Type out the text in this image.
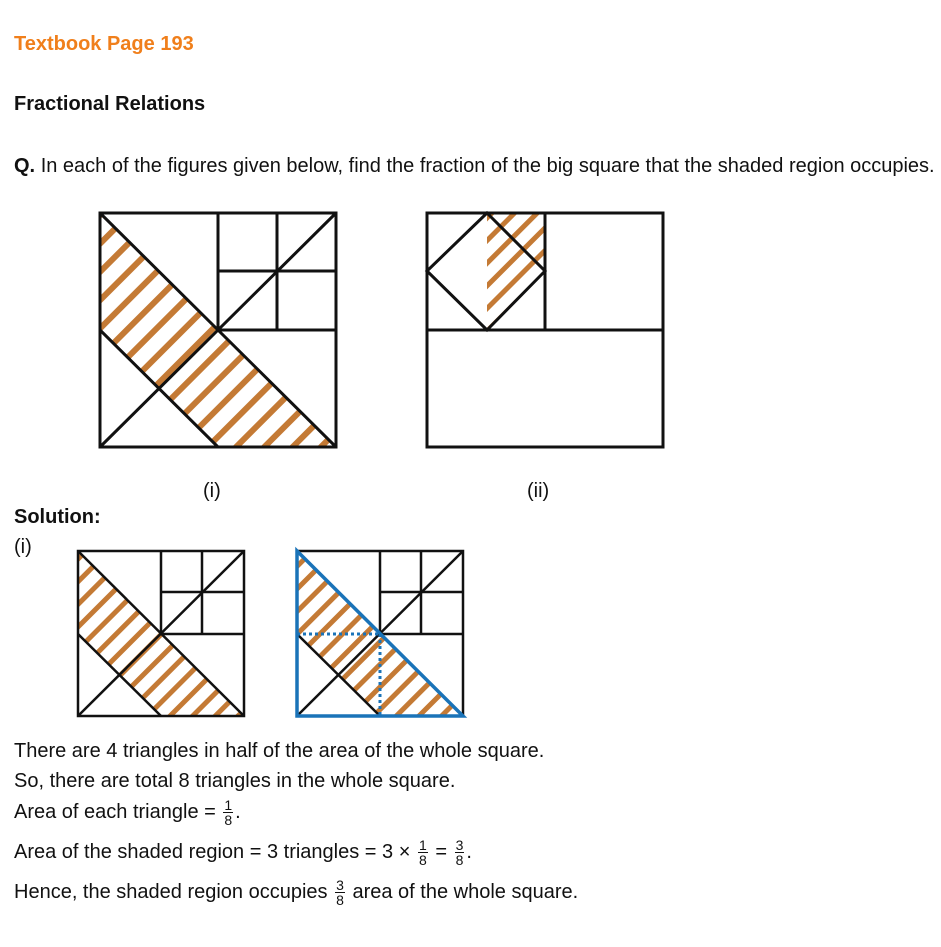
Textbook Page 193
Fractional Relations
Q. In each of the figures given below, find the fraction of the big square that the shaded region occupies.
(i)	(ii)
Solution:
(i)
There are 4 triangles in half of the area of the whole square.
So, there are total 8 triangles in the whole square.
Area of each triangle = $\frac{1}{8}$ .
Area of the shaded region = 3 triangles = $3 \times \frac{1}{8} = \frac{3}{8}$ .
Hence, the shaded region occupies $\frac{3}{8}$ area of the whole square.
